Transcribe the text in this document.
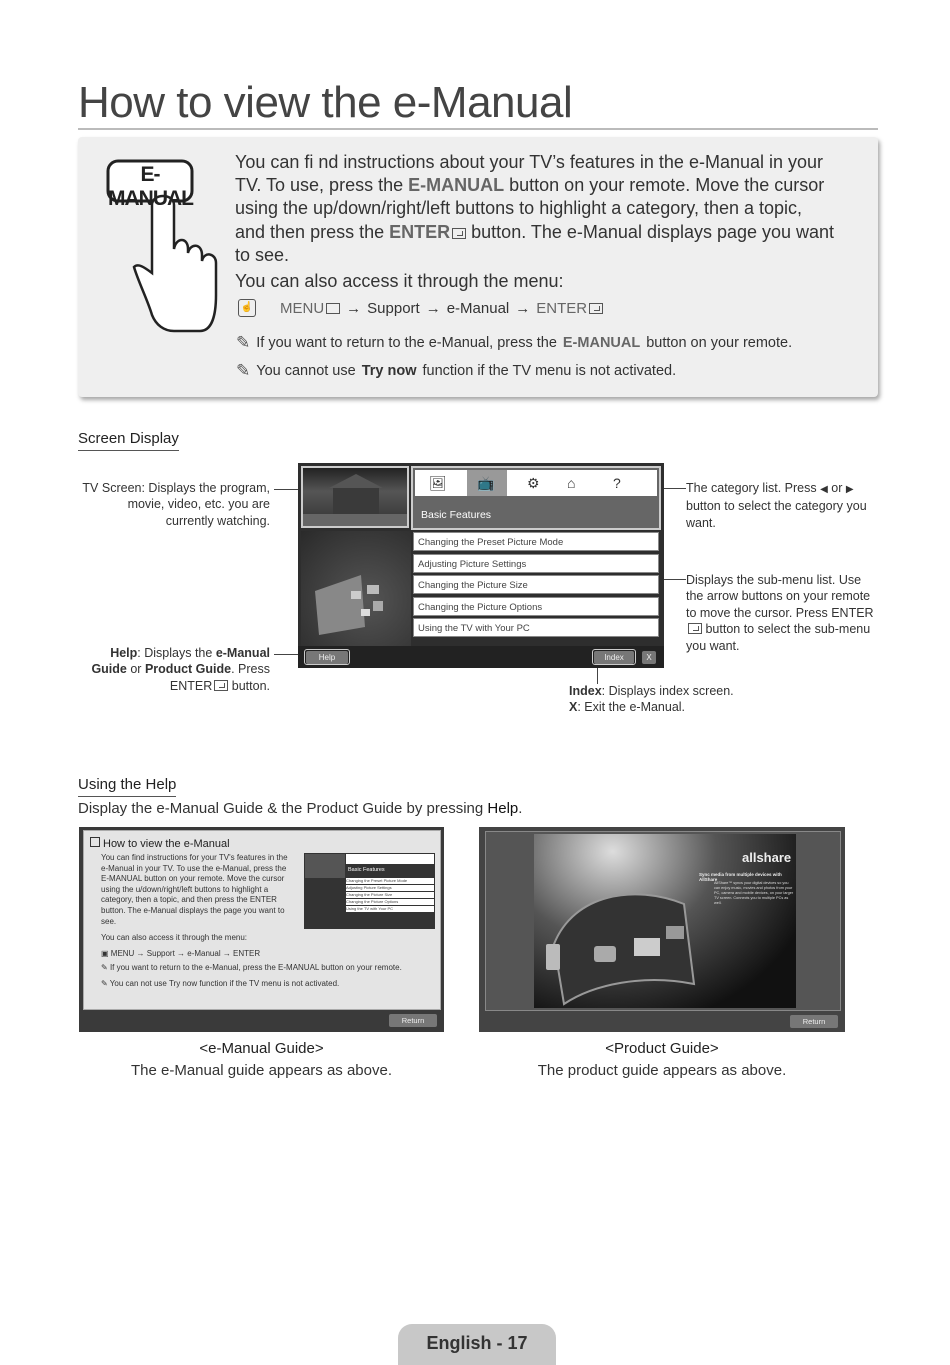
How to view the e-Manual
E-MANUAL
You can fi nd instructions about your TV’s features in the e-Manual in your TV. To use, press the E-MANUAL button on your remote. Move the cursor using the up/down/right/left buttons to highlight a category, then a topic, and then press the ENTER button. The e-Manual displays page you want to see.
You can also access it through the menu:
☝ MENU → Support → e-Manual → ENTER
✎ If you want to return to the e-Manual, press the E-MANUAL button on your remote.
✎ You cannot use Try now function if the TV menu is not activated.
Screen Display
TV Screen: Displays the program, movie, video, etc. you are currently watching.
The category list. Press ◀ or ▶ button to select the category you want.
Displays the sub-menu list. Use the arrow buttons on your remote to move the cursor. Press ENTER button to select the sub-menu you want.
Help: Displays the e-Manual Guide or Product Guide. Press ENTER button.	Index: Displays index screen.
X: Exit the e-Manual.
🖼 📺 ⚙ ⌂	?
Basic Features
Changing the Preset Picture Mode
Adjusting Picture Settings
Changing the Picture Size
Changing the Picture Options
Using the TV with Your PC
Help	Index	X
Using the Help
Display the e-Manual Guide & the Product Guide by pressing Help.
How to view the e-Manual
You can find instructions for your TV's features in the e-Manual in your TV. To use the e-Manual, press the E-MANUAL button on your remote. Move the cursor using the u/down/right/left buttons to highlight a category, then a topic, and then press the ENTER button. The e-Manual displays the page you want to see.
You can also access it through the menu:
▣ MENU → Support → e-Manual → ENTER
✎ If you want to return to the e-Manual, press the E-MANUAL button on your remote.
✎ You can not use Try now function if the TV menu is not activated.
Basic Features
Changing the Preset Picture Mode
Adjusting Picture Settings
Changing the Picture Size
Changing the Picture Options
Using the TV with Your PC
Return
allshare
Sync media from multiple devices with AllShare
AllShare™ syncs your digital devices so you can enjoy music, movies and photos from your PC, camera and mobile devices, on your larger TV screen. Connects you to multiple PCs as well.
Return
<e-Manual Guide>
The e-Manual guide appears as above.
<Product Guide>
The product guide appears as above.
English - 17
